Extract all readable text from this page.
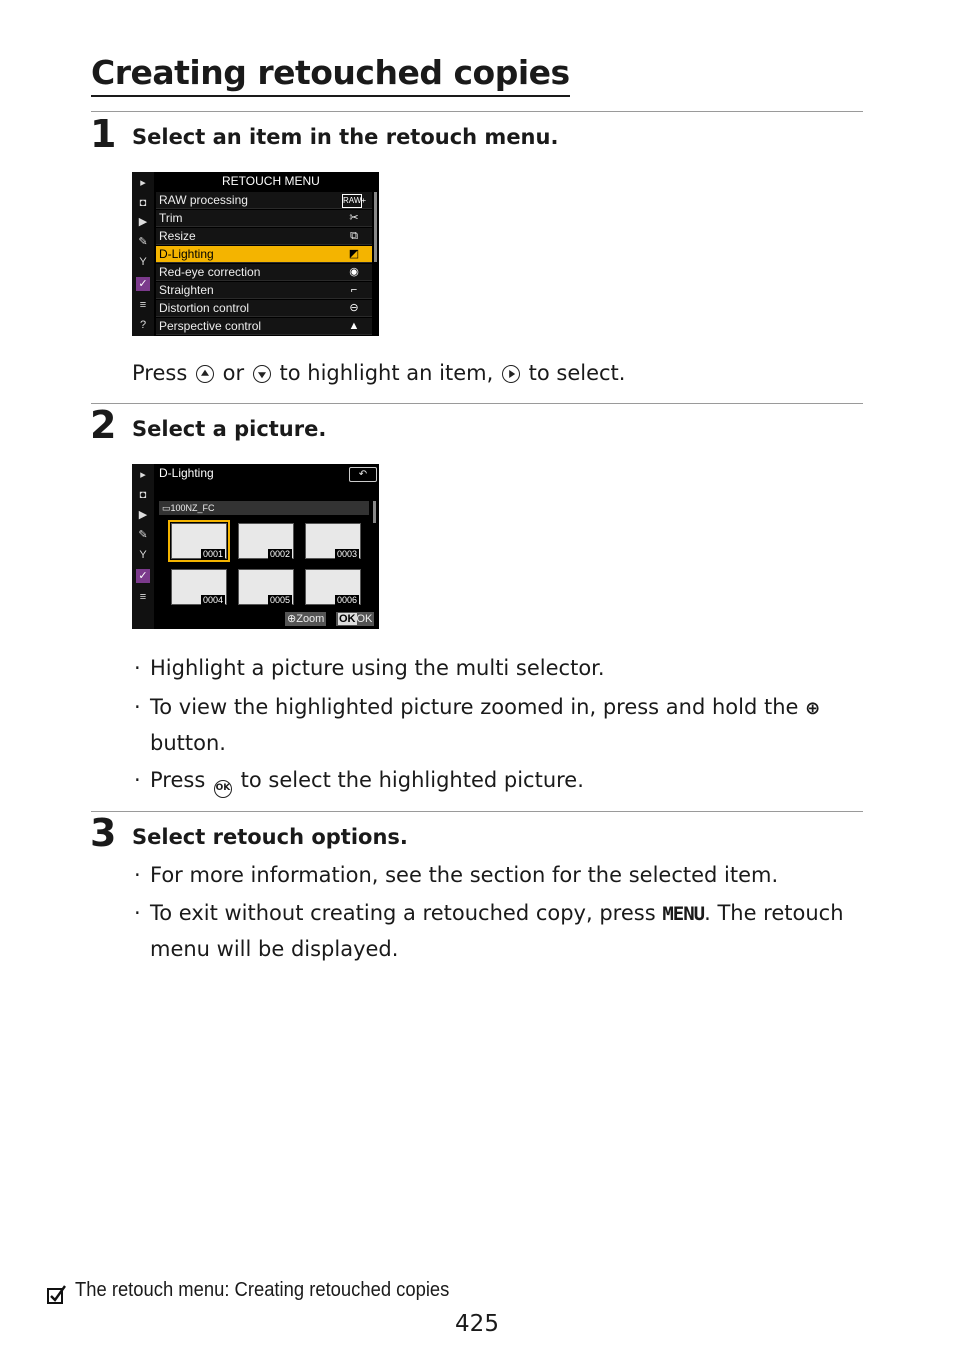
Creating retouched copies
1 Select an item in the retouch menu.
▸
◘
▶
✎
Y
✓
≡
?
RETOUCH MENU
RAW processing	RAW+
Trim	✂
Resize	⧉
D-Lighting	◩
Red-eye correction	◉
Straighten	⌐
Distortion control	⊖
Perspective control	▲
Press or to highlight an item, to select.
2 Select a picture.
▸
◘
▶
✎
Y
✓
≡
D-Lighting	↶
▭100NZ_FC
0001	0002	0003
0004	0005	0006
⊕Zoom OKOK
· Highlight a picture using the multi selector.
· To view the highlighted picture zoomed in, press and hold the ⊕
button.
· Press OK to select the highlighted picture.
3 Select retouch options.
· For more information, see the section for the selected item.
· To exit without creating a retouched copy, press MENU. The retouch menu will be displayed.
The retouch menu: Creating retouched copies
425
